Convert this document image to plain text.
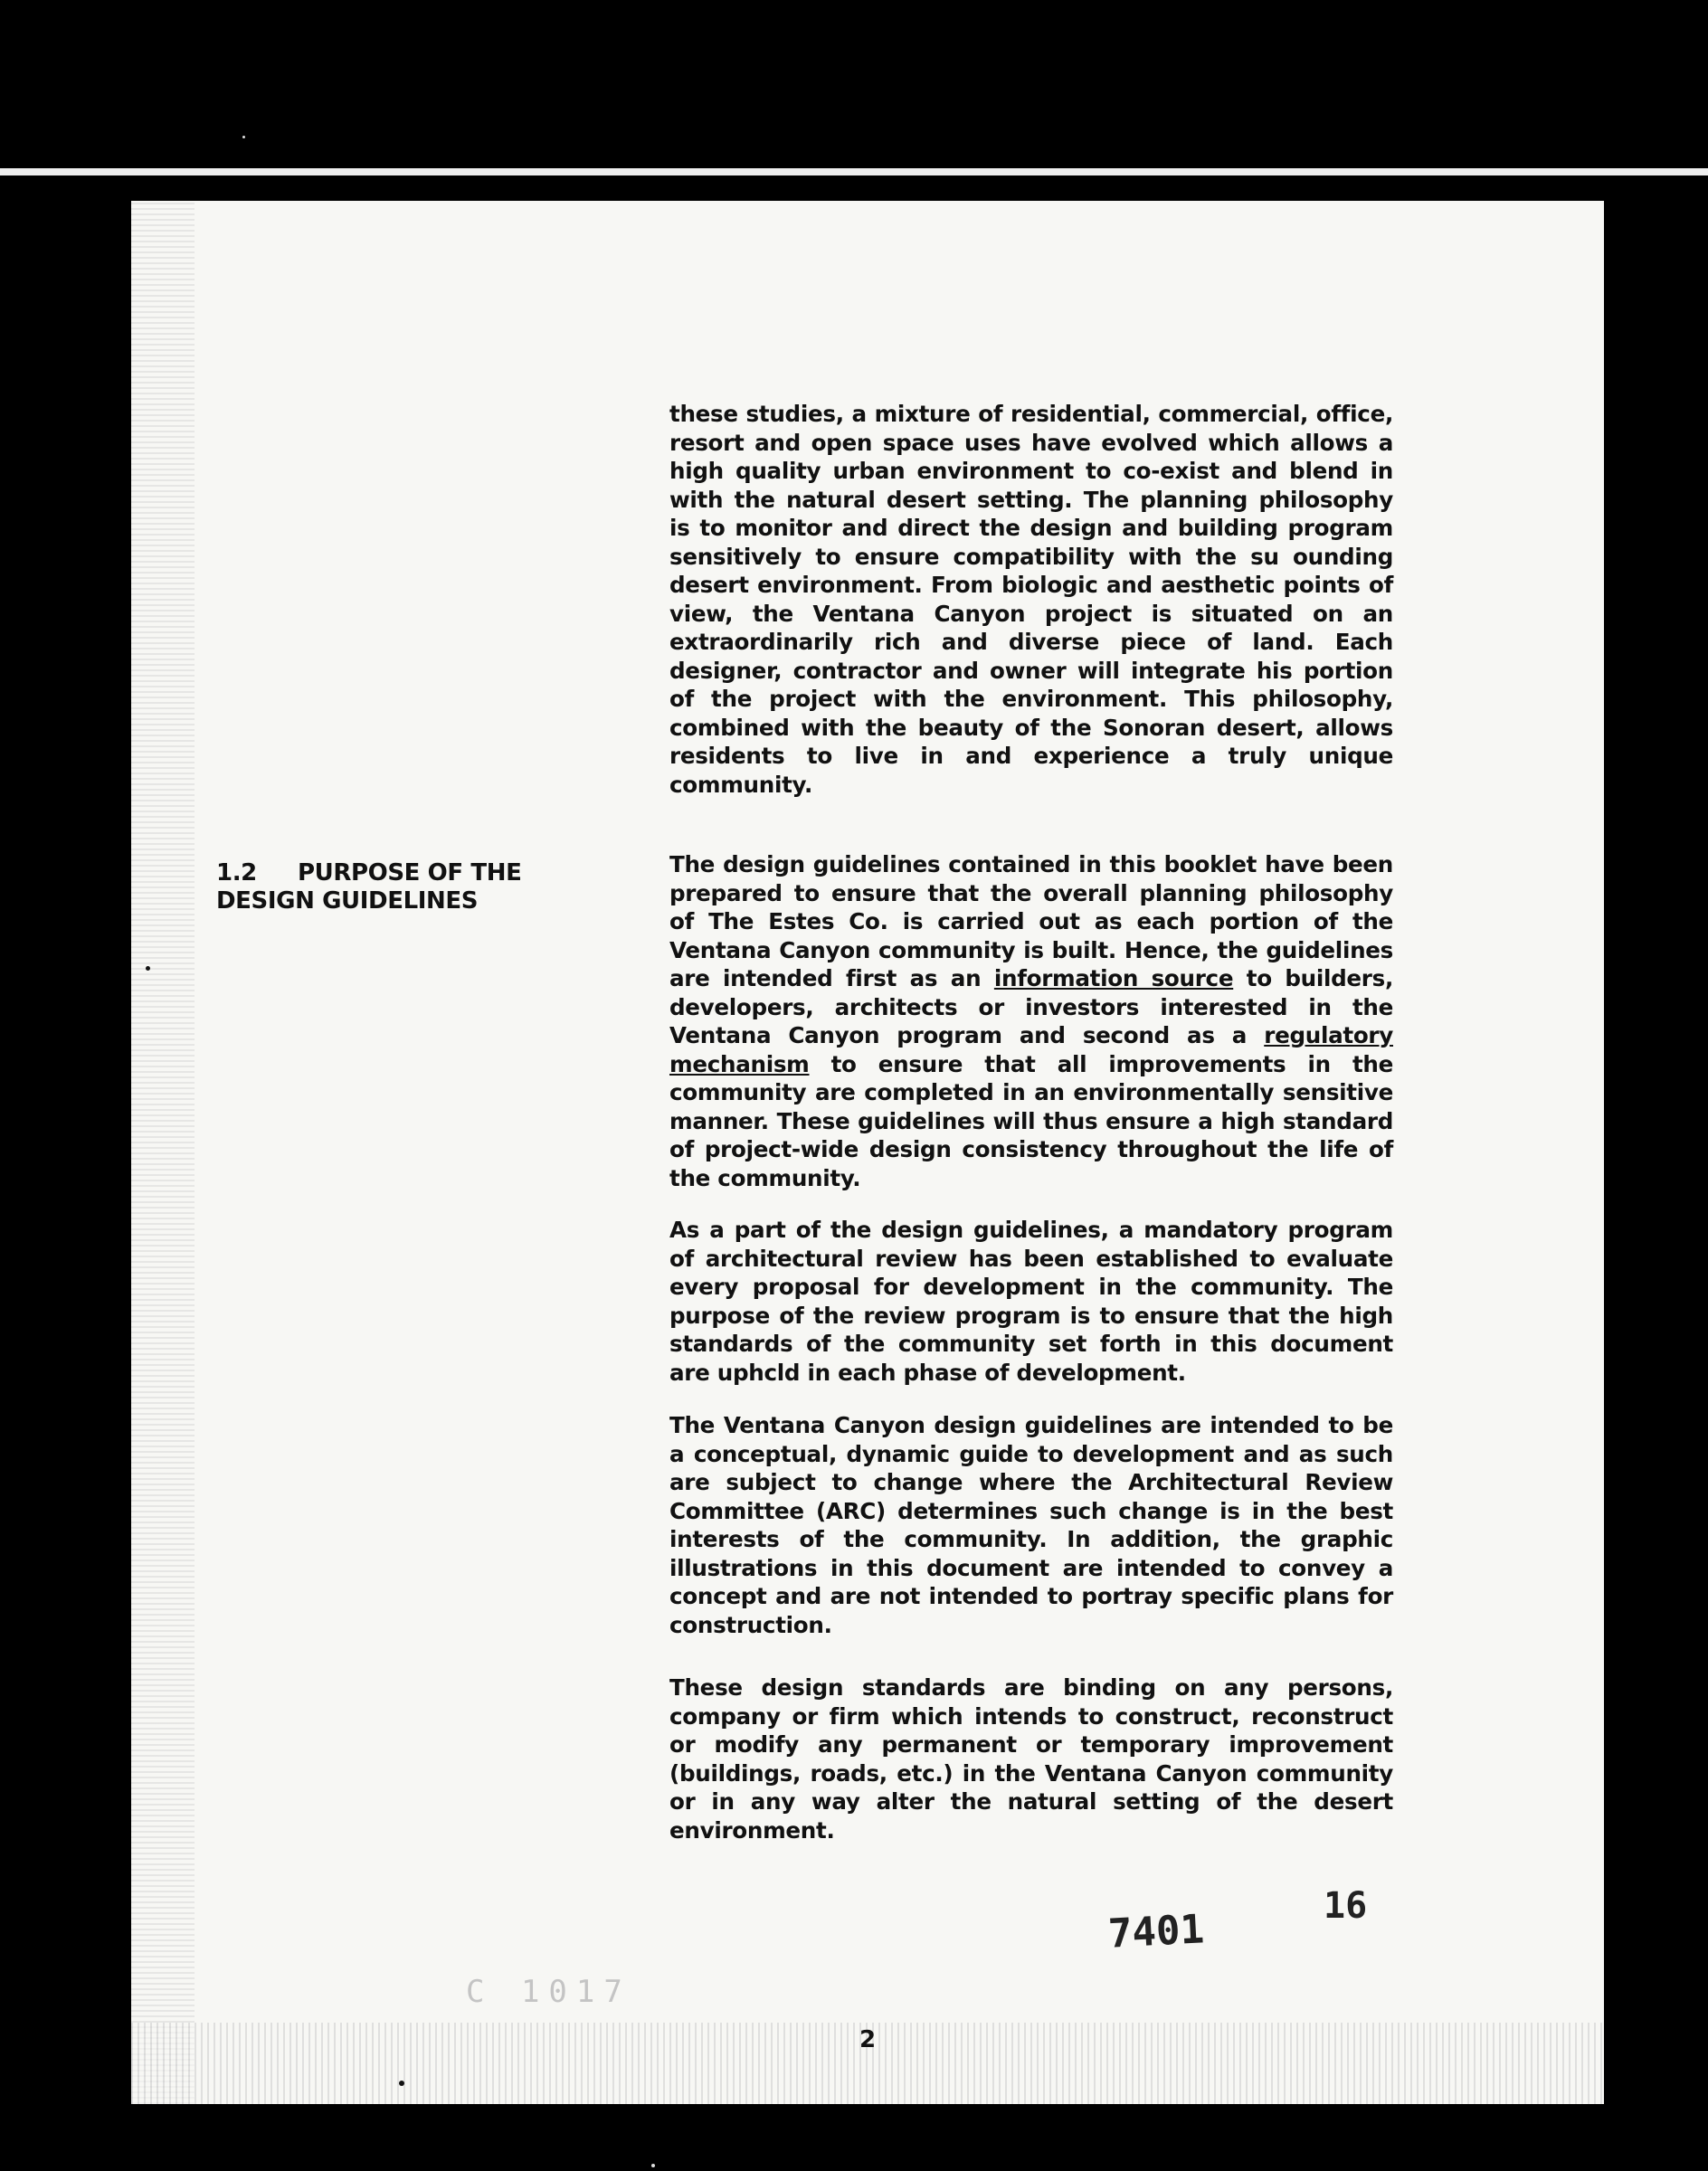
these studies, a mixture of residential, commercial, office, resort and open space uses have evolved which allows a high quality urban environment to co-exist and blend in with the natural desert setting. The planning philosophy is to monitor and direct the design and building program sensitively to ensure compatibility with the su ounding desert environment. From biologic and aesthetic points of view, the Ventana Canyon project is situated on an extraordinarily rich and diverse piece of land. Each designer, contractor and owner will integrate his portion of the project with the environment. This philosophy, combined with the beauty of the Sonoran desert, allows residents to live in and experience a truly unique community.

1.2 PURPOSE OF THE
DESIGN GUIDELINES

The design guidelines contained in this booklet have been prepared to ensure that the overall planning philosophy of The Estes Co. is carried out as each portion of the Ventana Canyon community is built. Hence, the guidelines are intended first as an information source to builders, developers, architects or investors interested in the Ventana Canyon program and second as a regulatory mechanism to ensure that all improvements in the community are completed in an environmentally sensitive manner. These guidelines will thus ensure a high standard of project-wide design consistency throughout the life of the community.

As a part of the design guidelines, a mandatory program of architectural review has been established to evaluate every proposal for development in the community. The purpose of the review program is to ensure that the high standards of the community set forth in this document are uphcld in each phase of development.

The Ventana Canyon design guidelines are intended to be a conceptual, dynamic guide to development and as such are subject to change where the Architectural Review Committee (ARC) determines such change is in the best interests of the community. In addition, the graphic illustrations in this document are intended to convey a concept and are not intended to portray specific plans for construction.

These design standards are binding on any persons, company or firm which intends to construct, reconstruct or modify any permanent or temporary improvement (buildings, roads, etc.) in the Ventana Canyon community or in any way alter the natural setting of the desert environment.

7401
16
C 1017
2
